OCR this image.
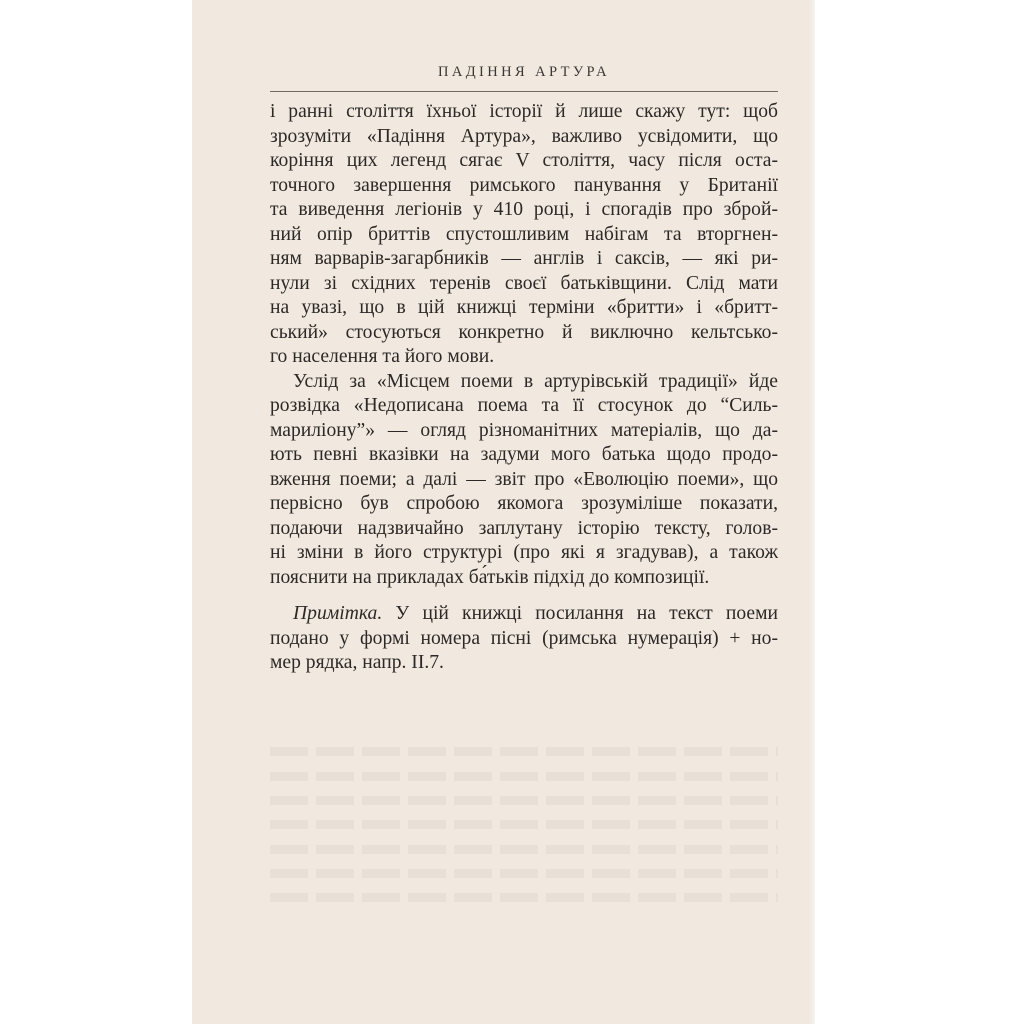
ПАДІННЯ АРТУРА
і ранні століття їхньої історії й лише скажу тут: щоб
зрозуміти «Падіння Артура», важливо усвідомити, що
коріння цих легенд сягає V століття, часу після оста-
точного завершення римського панування у Британії
та виведення легіонів у 410 році, і спогадів про збрoй-
ний опір бриттів спустошливим набігам та вторгнен-
ням варварів-загарбників — англів і саксів, — які ри-
нули зі східних теренів своєї батьківщини. Слід мати
на увазі, що в цій книжці терміни «бритти» і «бритт-
ський» стосуються конкретно й виключно кельтсько-
го населення та його мови.
Услід за «Місцем поеми в артурівській традиції» йде
розвідка «Недописана поема та її стосунок до “Силь-
мариліону”» — огляд різноманітних матеріалів, що да-
ють певні вказівки на задуми мого батька щодо продо-
вження поеми; а далі — звіт про «Еволюцію поеми», що
первісно був спробою якомога зрозуміліше показати,
подаючи надзвичайно заплутану історію тексту, голов-
ні зміни в його структурі (про які я згадував), а також
пояснити на прикладах ба́тьків підхід до композиції.
Примітка. У цій книжці посилання на текст поеми
подано у формі номера пісні (римська нумерація) + но-
мер рядка, напр. II.7.
